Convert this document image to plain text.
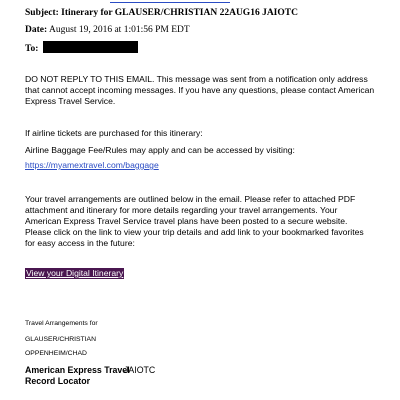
Subject: Itinerary for GLAUSER/CHRISTIAN 22AUG16 JAIOTC
Date: August 19, 2016 at 1:01:56 PM EDT
To:
DO NOT REPLY TO THIS EMAIL. This message was sent from a notification only address that cannot accept incoming messages. If you have any questions, please contact American Express Travel Service.
If airline tickets are purchased for this itinerary:
Airline Baggage Fee/Rules may apply and can be accessed by visiting:
https://myamextravel.com/baggage
Your travel arrangements are outlined below in the email. Please refer to attached PDF attachment and itinerary for more details regarding your travel arrangements. Your American Express Travel Service travel plans have been posted to a secure website. Please click on the link to view your trip details and add link to your bookmarked favorites for easy access in the future:
View your Digital Itinerary
Travel Arrangements for
GLAUSER/CHRISTIAN
OPPENHEIM/CHAD
American Express Travel
Record Locator
JAIOTC
